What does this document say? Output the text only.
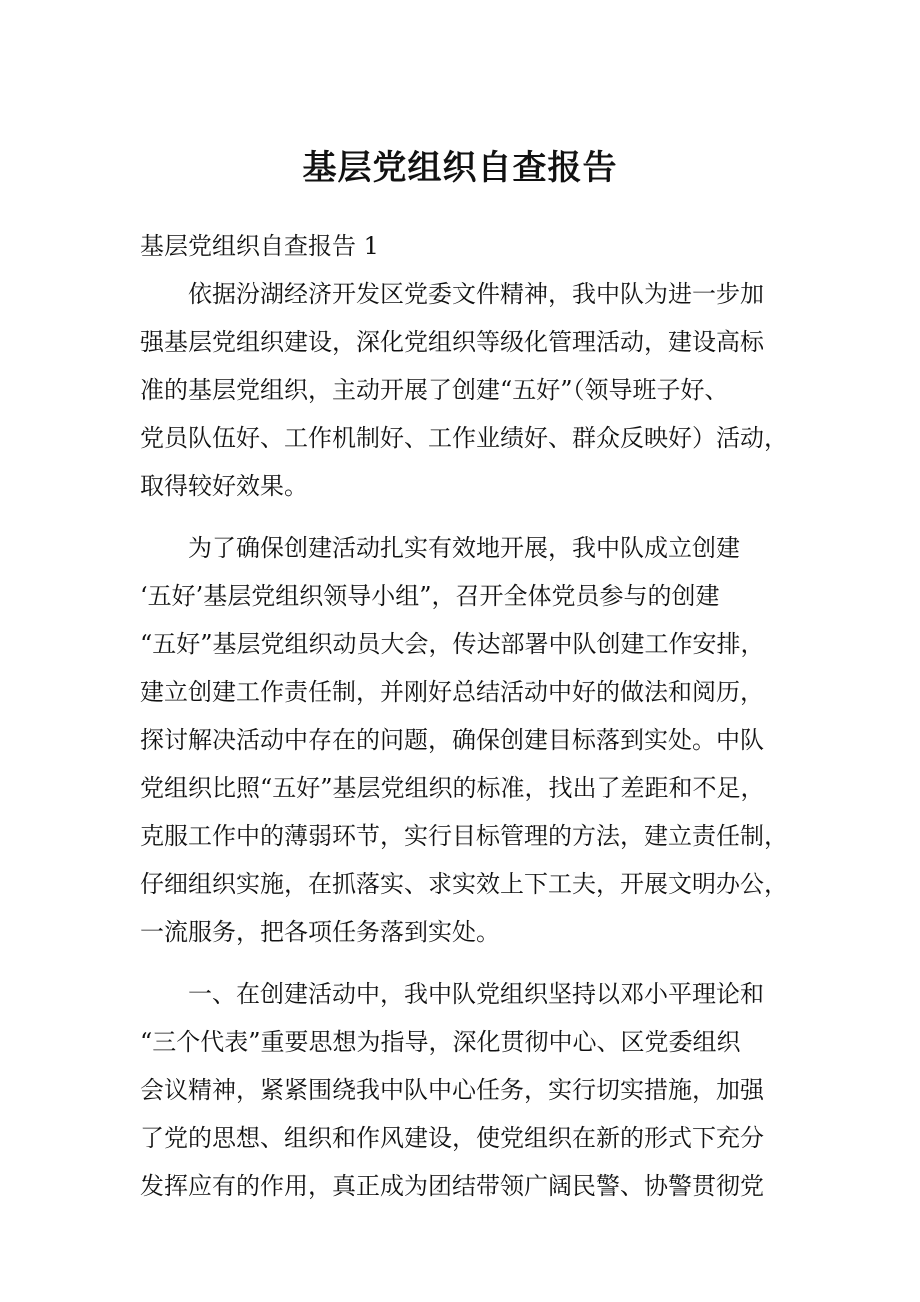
基层党组织自查报告

基层党组织自查报告 1

依据汾湖经济开发区党委文件精神，我中队为进一步加
强基层党组织建设，深化党组织等级化管理活动，建设高标
准的基层党组织，主动开展了创建“五好”（领导班子好、
党员队伍好、工作机制好、工作业绩好、群众反映好）活动，
取得较好效果。
为了确保创建活动扎实有效地开展，我中队成立创建
‘五好’基层党组织领导小组”，召开全体党员参与的创建
“五好”基层党组织动员大会，传达部署中队创建工作安排，
建立创建工作责任制，并刚好总结活动中好的做法和阅历，
探讨解决活动中存在的问题，确保创建目标落到实处。中队
党组织比照“五好”基层党组织的标准，找出了差距和不足，
克服工作中的薄弱环节，实行目标管理的方法，建立责任制，
仔细组织实施，在抓落实、求实效上下工夫，开展文明办公，
一流服务，把各项任务落到实处。
一、在创建活动中，我中队党组织坚持以邓小平理论和
“三个代表”重要思想为指导，深化贯彻中心、区党委组织
会议精神，紧紧围绕我中队中心任务，实行切实措施，加强
了党的思想、组织和作风建设，使党组织在新的形式下充分
发挥应有的作用，真正成为团结带领广阔民警、协警贯彻党
